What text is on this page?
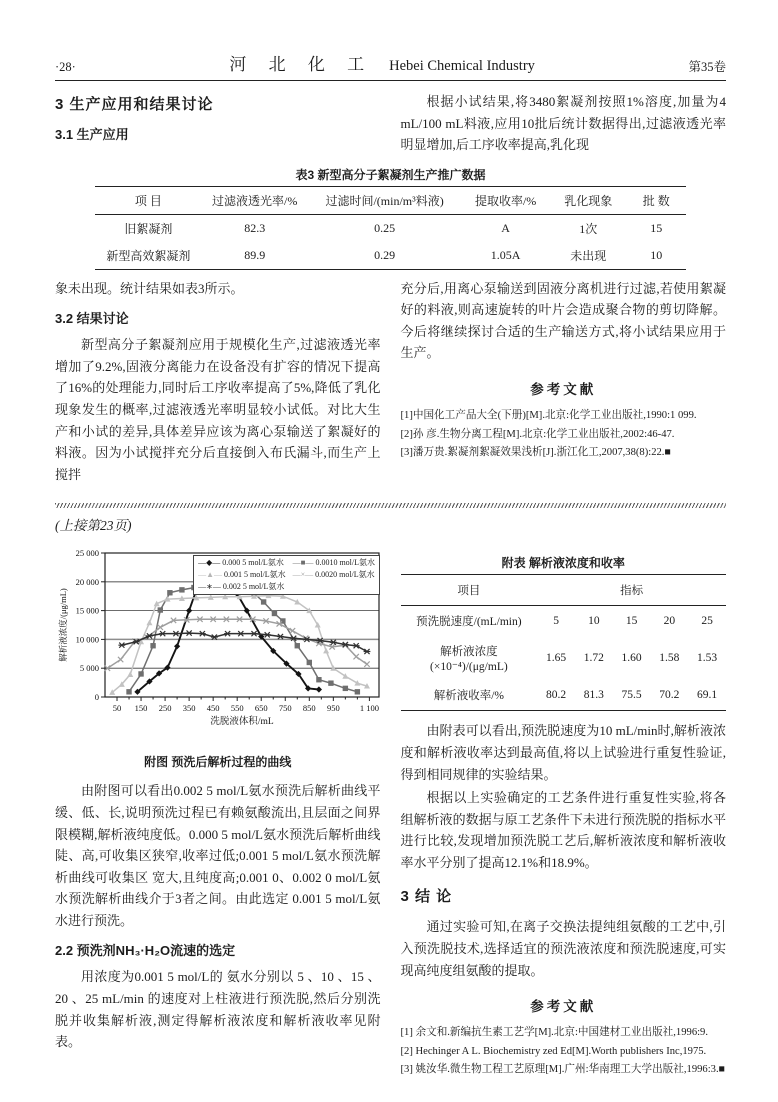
·28·	河 北 化 工 Hebei Chemical Industry	第35卷
3 生产应用和结果讨论
3.1 生产应用

根据小试结果,将3480絮凝剂按照1%溶度,加量为4 mL/100 mL料液,应用10批后统计数据得出,过滤液透光率明显增加,后工序收率提高,乳化现

表3 新型高分子絮凝剂生产推广数据
项 目	过滤液透光率/%	过滤时间/(min/m³料液)	提取收率/%	乳化现象	批 数
旧絮凝剂	82.3	0.25	A	1次	15
新型高效絮凝剂	89.9	0.29	1.05A	未出现	10

象未出现。统计结果如表3所示。

3.2 结果讨论

新型高分子絮凝剂应用于规模化生产,过滤液透光率增加了9.2%,固液分离能力在设备没有扩容的情况下提高了16%的处理能力,同时后工序收率提高了5%,降低了乳化现象发生的概率,过滤液透光率明显较小试低。对比大生产和小试的差异,具体差异应该为离心泵输送了絮凝好的料液。因为小试搅拌充分后直接倒入布氏漏斗,而生产上搅拌

充分后,用离心泵输送到固液分离机进行过滤,若使用絮凝好的料液,则高速旋转的叶片会造成聚合物的剪切降解。今后将继续探讨合适的生产输送方式,将小试结果应用于生产。

参考文献
[1]中国化工产品大全(下册)[M].北京:化学工业出版社,1990:1 099.
[2]孙 彦.生物分离工程[M].北京:化学工业出版社,2002:46-47.
[3]潘万贵.絮凝剂絮凝效果浅析[J].浙江化工,2007,38(8):22.■
(上接第23页)
0
5 000
10 000
15 000
20 000
25 000
50 150 250 350 450 550 650 750 850 950 1 100
洗脱液体积/mL
解析液浓度/(μg/mL)
—◆— 0.000 5 mol/L氨水 —■— 0.0010 mol/L氨水
—▲— 0.001 5 mol/L氨水 —×— 0.0020 mol/L氨水
—∗— 0.002 5 mol/L氨水
附图 预洗后解析过程的曲线

由附图可以看出0.002 5 mol/L氨水预洗后解析曲线平缓、低、长,说明预洗过程已有赖氨酸流出,且层面之间界限模糊,解析液纯度低。0.000 5 mol/L氨水预洗后解析曲线陡、高,可收集区狭窄,收率过低;0.001 5 mol/L氨水预洗解析曲线可收集区 宽大,且纯度高;0.001 0、0.002 0 mol/L氨水预洗解析曲线介于3者之间。由此选定 0.001 5 mol/L氨水进行预洗。

2.2 预洗剂NH₃·H₂O流速的选定

用浓度为0.001 5 mol/L的 氨水分别以 5 、10 、15 、20 、25 mL/min 的速度对上柱液进行预洗脱,然后分别洗脱并收集解析液,测定得解析液浓度和解析液收率见附表。

附表 解析液浓度和收率
项目	指标				
预洗脱速度/(mL/min)	5	10	15	20	25
解析液浓度(×10⁻⁴)/(μg/mL)	1.65	1.72	1.60	1.58	1.53
解析液收率/%	80.2	81.3	75.5	70.2	69.1

由附表可以看出,预洗脱速度为10 mL/min时,解析液浓度和解析液收率达到最高值,将以上试验进行重复性验证,得到相同规律的实验结果。

根据以上实验确定的工艺条件进行重复性实验,将各组解析液的数据与原工艺条件下未进行预洗脱的指标水平进行比较,发现增加预洗脱工艺后,解析液浓度和解析液收率水平分别了提高12.1%和18.9%。

3 结 论

通过实验可知,在离子交换法提纯组氨酸的工艺中,引入预洗脱技术,选择适宜的预洗液浓度和预洗脱速度,可实现高纯度组氨酸的提取。

参考文献
[1] 余文和.新编抗生素工艺学[M].北京:中国建材工业出版社,1996:9.
[2] Hechinger A L. Biochemistry zed Ed[M].Worth publishers Inc,1975.
[3] 姚汝华.微生物工程工艺原理[M].广州:华南理工大学出版社,1996:3.■
